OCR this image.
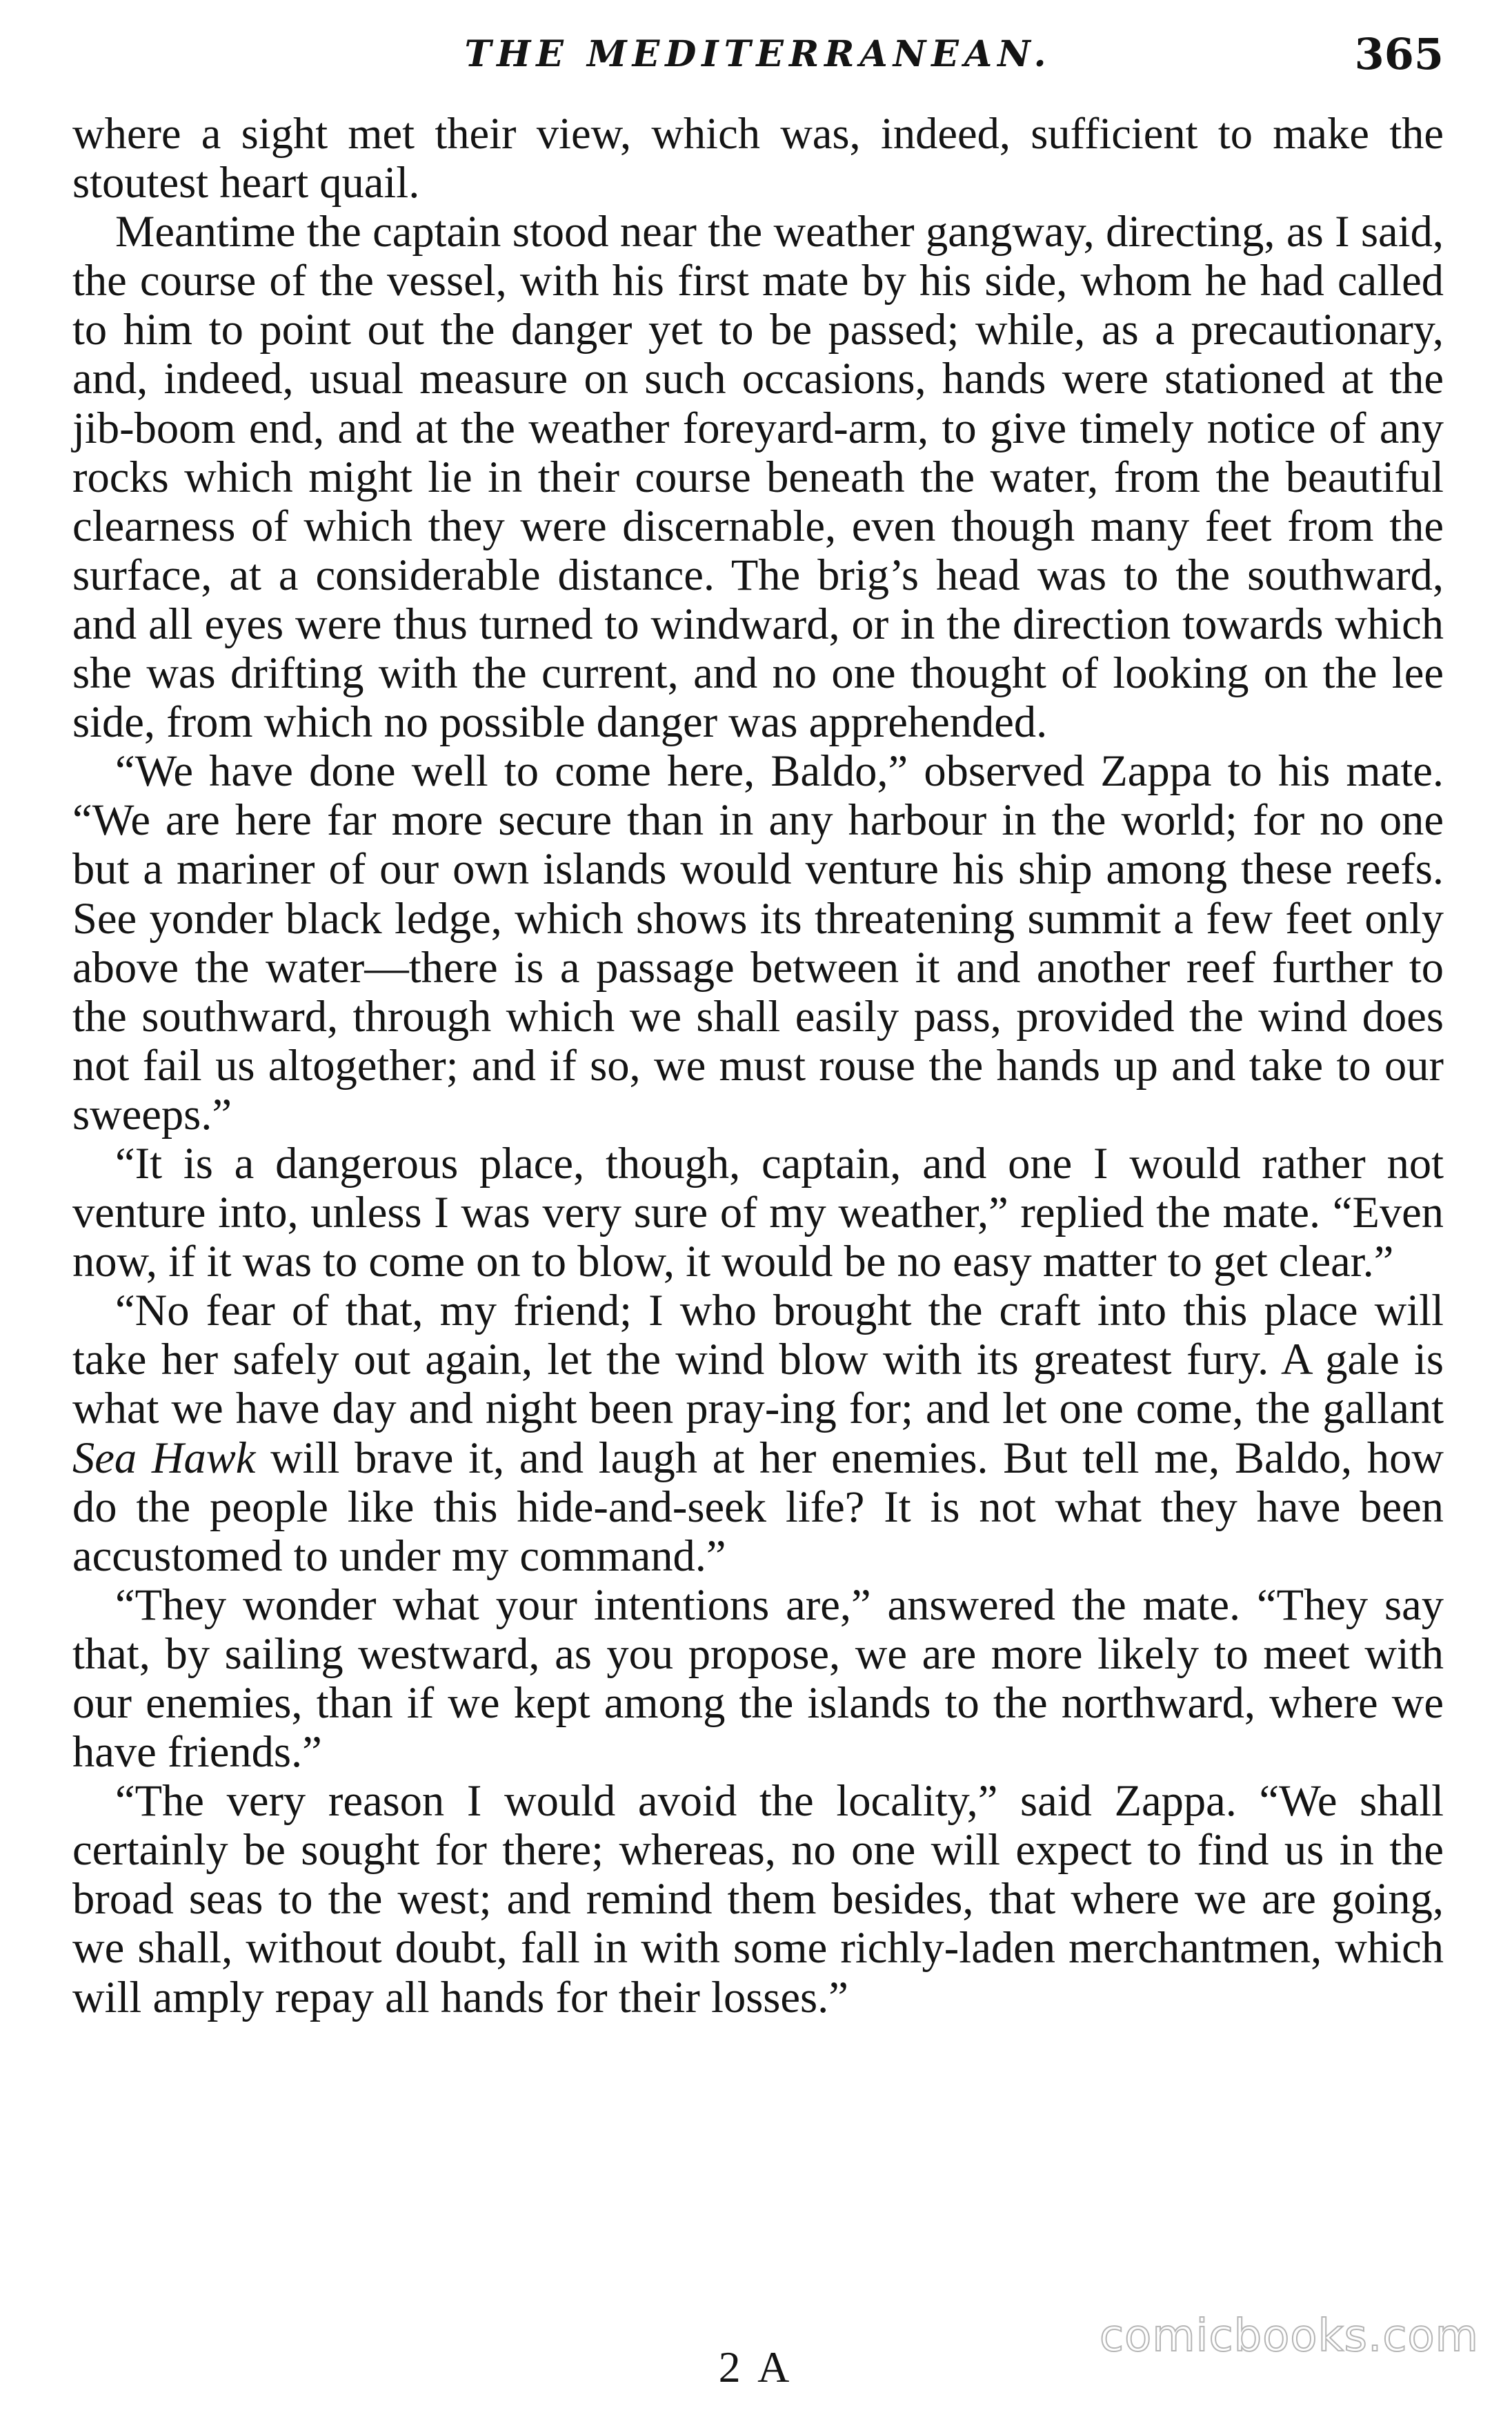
THE MEDITERRANEAN.	365

where a sight met their view, which was, indeed, sufficient to make the stoutest heart quail.

Meantime the captain stood near the weather gangway, directing, as I said, the course of the vessel, with his first mate by his side, whom he had called to him to point out the danger yet to be passed; while, as a precautionary, and, indeed, usual measure on such occasions, hands were stationed at the jib-boom end, and at the weather foreyard-arm, to give timely notice of any rocks which might lie in their course beneath the water, from the beautiful clearness of which they were discernable, even though many feet from the surface, at a considerable distance. The brig’s head was to the southward, and all eyes were thus turned to windward, or in the direction towards which she was drifting with the current, and no one thought of looking on the lee side, from which no possible danger was apprehended.

“We have done well to come here, Baldo,” observed Zappa to his mate. “We are here far more secure than in any harbour in the world; for no one but a mariner of our own islands would venture his ship among these reefs. See yonder black ledge, which shows its threatening summit a few feet only above the water—there is a passage between it and another reef further to the southward, through which we shall easily pass, provided the wind does not fail us altogether; and if so, we must rouse the hands up and take to our sweeps.”

“It is a dangerous place, though, captain, and one I would rather not venture into, unless I was very sure of my weather,” replied the mate. “Even now, if it was to come on to blow, it would be no easy matter to get clear.”

“No fear of that, my friend; I who brought the craft into this place will take her safely out again, let the wind blow with its greatest fury. A gale is what we have day and night been pray-ing for; and let one come, the gallant Sea Hawk will brave it, and laugh at her enemies. But tell me, Baldo, how do the people like this hide-and-seek life? It is not what they have been accustomed to under my command.”

“They wonder what your intentions are,” answered the mate. “They say that, by sailing westward, as you propose, we are more likely to meet with our enemies, than if we kept among the islands to the northward, where we have friends.”

“The very reason I would avoid the locality,” said Zappa. “We shall certainly be sought for there; whereas, no one will expect to find us in the broad seas to the west; and remind them besides, that where we are going, we shall, without doubt, fall in with some richly-laden merchantmen, which will amply repay all hands for their losses.”

2 A
comicbooks.com
